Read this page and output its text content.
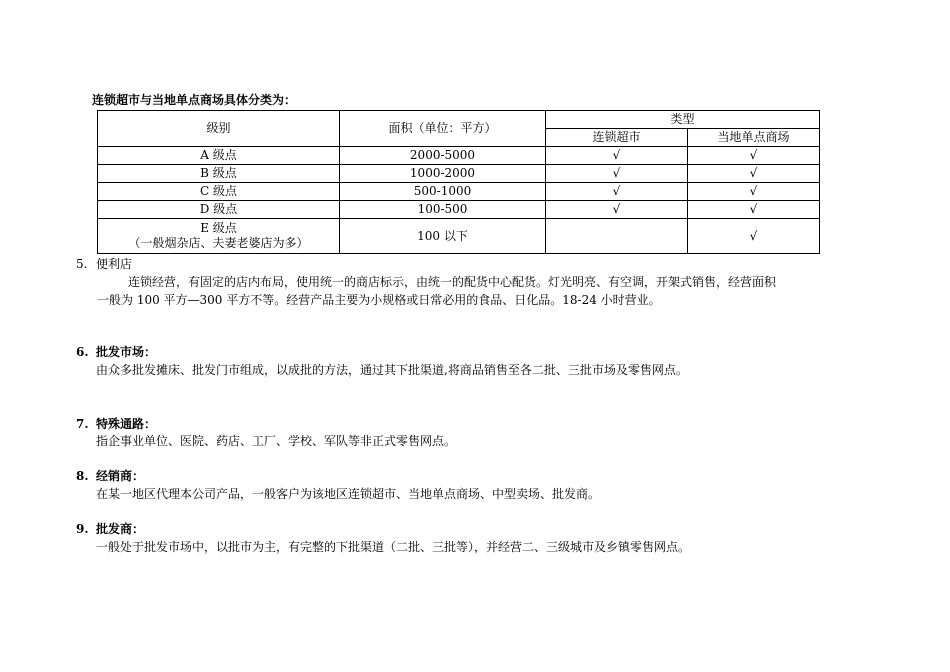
连锁超市与当地单点商场具体分类为：
级别	面积（单位：平方）	类型	
		连锁超市	当地单点商场
A 级点	2000-5000	√	√
B 级点	1000-2000	√	√
C 级点	500-1000	√	√
D 级点	100-500	√	√

E 级点
（一般烟杂店、夫妻老婆店为多）	100 以下		√
5. 便利店
连锁经营，有固定的店内布局，使用统一的商店标示，由统一的配货中心配货。灯光明亮、有空调，开架式销售，经营面积
一般为 100 平方—300 平方不等。经营产品主要为小规格或日常必用的食品、日化品。18-24 小时营业。
6. 批发市场：
由众多批发摊床、批发门市组成，以成批的方法，通过其下批渠道,将商品销售至各二批、三批市场及零售网点。
7. 特殊通路：
指企事业单位、医院、药店、工厂、学校、军队等非正式零售网点。
8. 经销商：
在某一地区代理本公司产品，一般客户为该地区连锁超市、当地单点商场、中型卖场、批发商。
9. 批发商：
一般处于批发市场中，以批市为主，有完整的下批渠道（二批、三批等），并经营二、三级城市及乡镇零售网点。
